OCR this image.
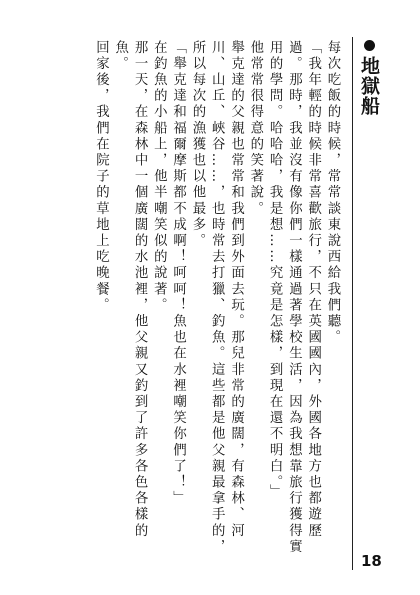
地獄船
18

每次吃飯的時候，常常談東說西給我們聽。

「我年輕的時候非常喜歡旅行，不只在英國國內，外國各地方也都遊歷過。那時，我並沒有像你們一樣通過著學校生活，因為我想靠旅行獲得實用的學問。哈哈哈，我是想……究竟是怎樣，到現在還不明白。」

他常常很得意的笑著說。

舉克達的父親也常常和我們到外面去玩。那兒非常的廣闊，有森林、河川、山丘、峽谷……，也時常去打獵、釣魚。這些都是他父親最拿手的，所以每次的漁獲也以他最多。

「舉克達和福爾摩斯都不成啊！呵呵！魚也在水裡嘲笑你們了！」

在釣魚的小船上，他半嘲笑似的說著。

那一天，在森林中一個廣闊的水池裡，他父親又釣到了許多各色各樣的魚。

回家後，我們在院子的草地上吃晚餐。
